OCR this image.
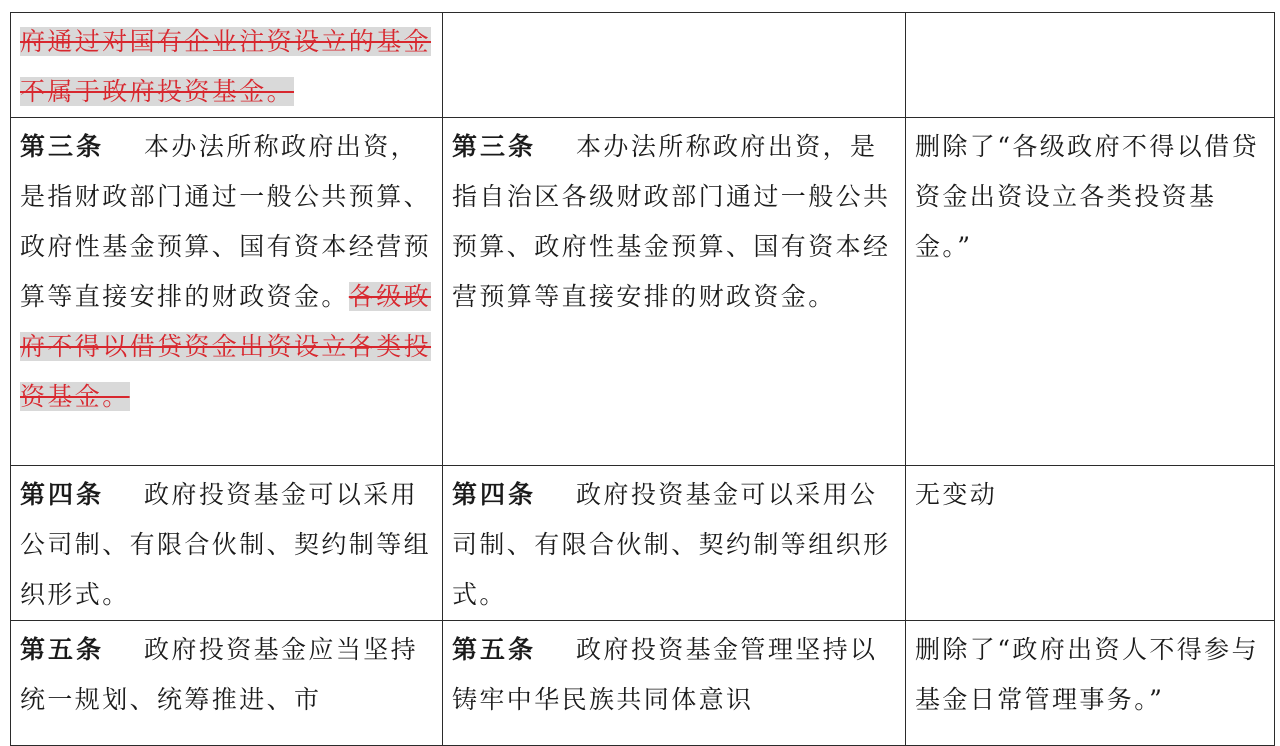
府通过对国有企业注资设立的基金不属于政府投资基金。		
第三条 本办法所称政府出资，是指财政部门通过一般公共预算、政府性基金预算、国有资本经营预算等直接安排的财政资金。各级政府不得以借贷资金出资设立各类投资基金。	第三条 本办法所称政府出资，是指自治区各级财政部门通过一般公共预算、政府性基金预算、国有资本经营预算等直接安排的财政资金。	删除了“各级政府不得以借贷资金出资设立各类投资基金。”
第四条 政府投资基金可以采用公司制、有限合伙制、契约制等组织形式。	第四条 政府投资基金可以采用公司制、有限合伙制、契约制等组织形式。	无变动
第五条 政府投资基金应当坚持统一规划、统筹推进、市	第五条 政府投资基金管理坚持以铸牢中华民族共同体意识	删除了“政府出资人不得参与基金日常管理事务。”
